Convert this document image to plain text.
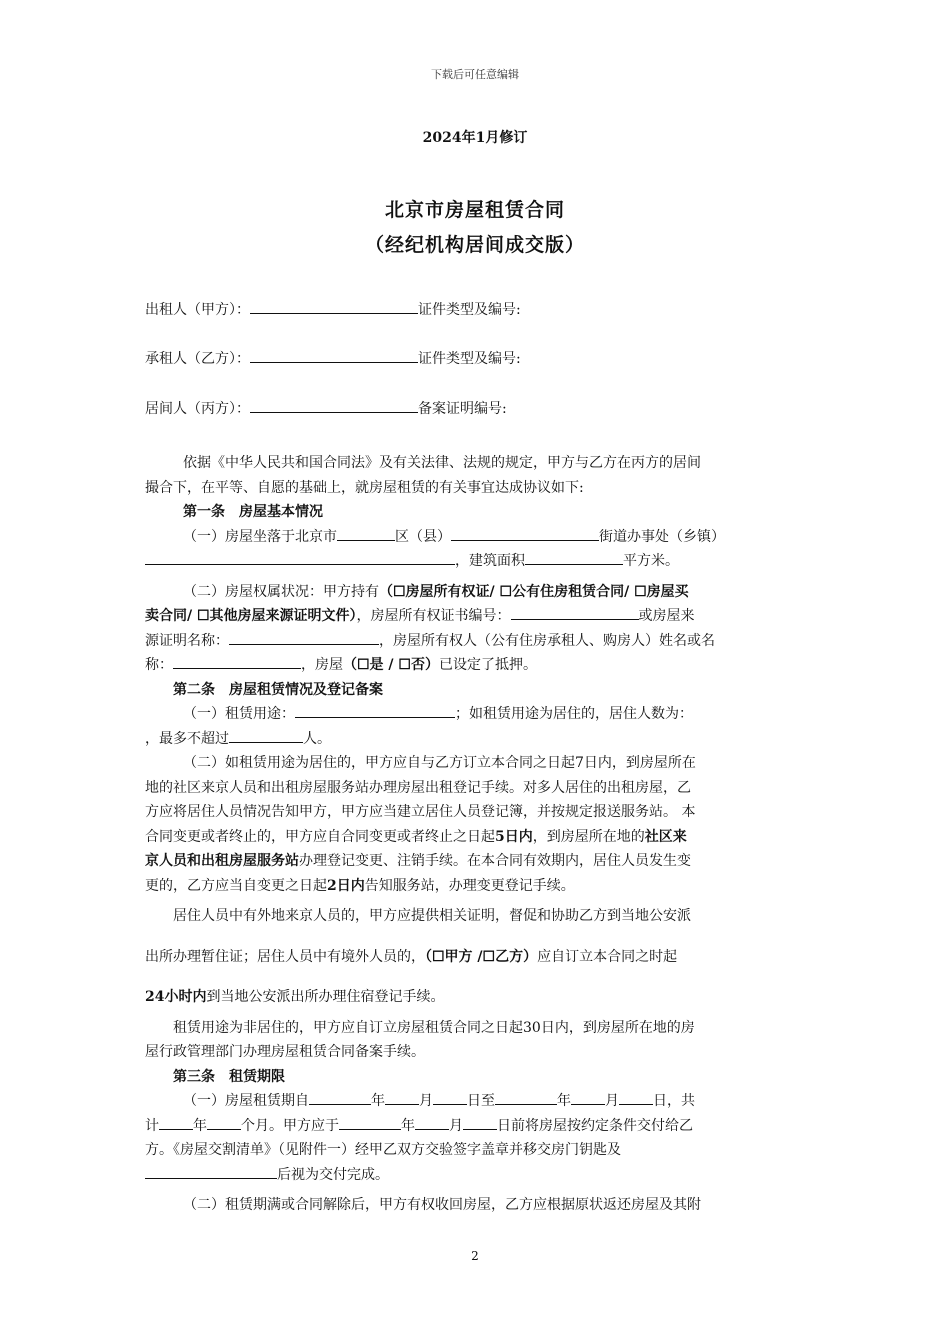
下载后可任意编辑
2024年1月修订
北京市房屋租赁合同
（经纪机构居间成交版）
出租人（甲方）：	证件类型及编号:
承租人（乙方）：	证件类型及编号:
居间人（丙方）：	备案证明编号:
依据《中华人民共和国合同法》及有关法律、法规的规定，甲方与乙方在丙方的居间
撮合下，在平等、自愿的基础上，就房屋租赁的有关事宜达成协议如下:
第一条　房屋基本情况
（一）房屋坐落于北京市	区（县）	街道办事处（乡镇）
，建筑面积	平方米。
（二）房屋权属状况：甲方持有（☐房屋所有权证/ ☐公有住房租赁合同/ ☐房屋买
卖合同/ ☐其他房屋来源证明文件），房屋所有权证书编号：	或房屋来
源证明名称：	，房屋所有权人（公有住房承租人、购房人）姓名或名
称：	，房屋（☐是 / ☐否）已设定了抵押。
第二条　房屋租赁情况及登记备案
（一）租赁用途：	；如租赁用途为居住的，居住人数为：
，最多不超过	人。
（二）如租赁用途为居住的，甲方应自与乙方订立本合同之日起7日内，到房屋所在
地的社区来京人员和出租房屋服务站办理房屋出租登记手续。对多人居住的出租房屋，乙
方应将居住人员情况告知甲方，甲方应当建立居住人员登记簿，并按规定报送服务站。 本
合同变更或者终止的，甲方应自合同变更或者终止之日起5日内，到房屋所在地的社区来
京人员和出租房屋服务站办理登记变更、注销手续。在本合同有效期内，居住人员发生变
更的，乙方应当自变更之日起2日内告知服务站，办理变更登记手续。
居住人员中有外地来京人员的，甲方应提供相关证明，督促和协助乙方到当地公安派
出所办理暂住证；居住人员中有境外人员的，（☐甲方 /☐乙方）应自订立本合同之时起
24小时内到当地公安派出所办理住宿登记手续。
租赁用途为非居住的，甲方应自订立房屋租赁合同之日起30日内，到房屋所在地的房
屋行政管理部门办理房屋租赁合同备案手续。
第三条　租赁期限
（一）房屋租赁期自	年 月 日至	年 月 日，共
计 年 个月。甲方应于	年 月 日前将房屋按约定条件交付给乙
方。《房屋交割清单》（见附件一）经甲乙双方交验签字盖章并移交房门钥匙及
后视为交付完成。
（二）租赁期满或合同解除后，甲方有权收回房屋，乙方应根据原状返还房屋及其附
2
